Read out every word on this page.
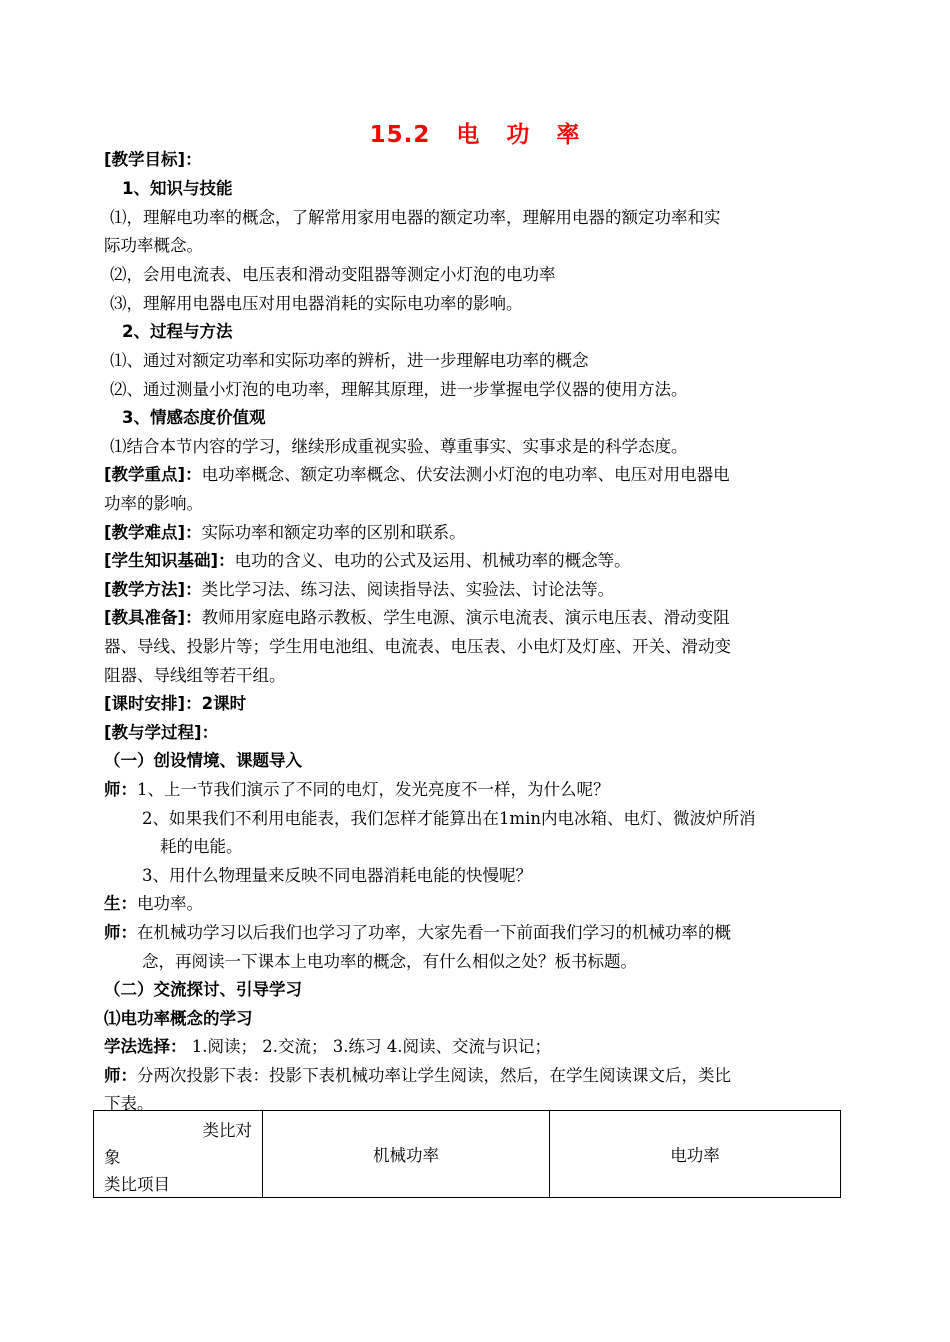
15.2 电 功 率
[教学目标]：
1、知识与技能
⑴，理解电功率的概念，了解常用家用电器的额定功率，理解用电器的额定功率和实
际功率概念。
⑵，会用电流表、电压表和滑动变阻器等测定小灯泡的电功率
⑶，理解用电器电压对用电器消耗的实际电功率的影响。
2、过程与方法
⑴、通过对额定功率和实际功率的辨析，进一步理解电功率的概念
⑵、通过测量小灯泡的电功率，理解其原理，进一步掌握电学仪器的使用方法。
3、情感态度价值观
⑴结合本节内容的学习，继续形成重视实验、尊重事实、实事求是的科学态度。
[教学重点]：电功率概念、额定功率概念、伏安法测小灯泡的电功率、电压对用电器电
功率的影响。
[教学难点]：实际功率和额定功率的区别和联系。
[学生知识基础]：电功的含义、电功的公式及运用、机械功率的概念等。
[教学方法]：类比学习法、练习法、阅读指导法、实验法、讨论法等。
[教具准备]：教师用家庭电路示教板、学生电源、演示电流表、演示电压表、滑动变阻
器、导线、投影片等；学生用电池组、电流表、电压表、小电灯及灯座、开关、滑动变
阻器、导线组等若干组。
[课时安排]：2课时
[教与学过程]：
（一）创设情境、课题导入
师：1、上一节我们演示了不同的电灯，发光亮度不一样，为什么呢？
2、如果我们不利用电能表，我们怎样才能算出在1min内电冰箱、电灯、微波炉所消
耗的电能。
3、用什么物理量来反映不同电器消耗电能的快慢呢？
生：电功率。
师：在机械功学习以后我们也学习了功率，大家先看一下前面我们学习的机械功率的概
念，再阅读一下课本上电功率的概念，有什么相似之处？板书标题。
（二）交流探讨、引导学习
⑴电功率概念的学习
学法选择： 1.阅读； 2.交流； 3.练习 4.阅读、交流与识记；
师：分两次投影下表：投影下表机械功率让学生阅读，然后，在学生阅读课文后，类比
下表。
类比对
象
类比项目
	机械功率	电功率
